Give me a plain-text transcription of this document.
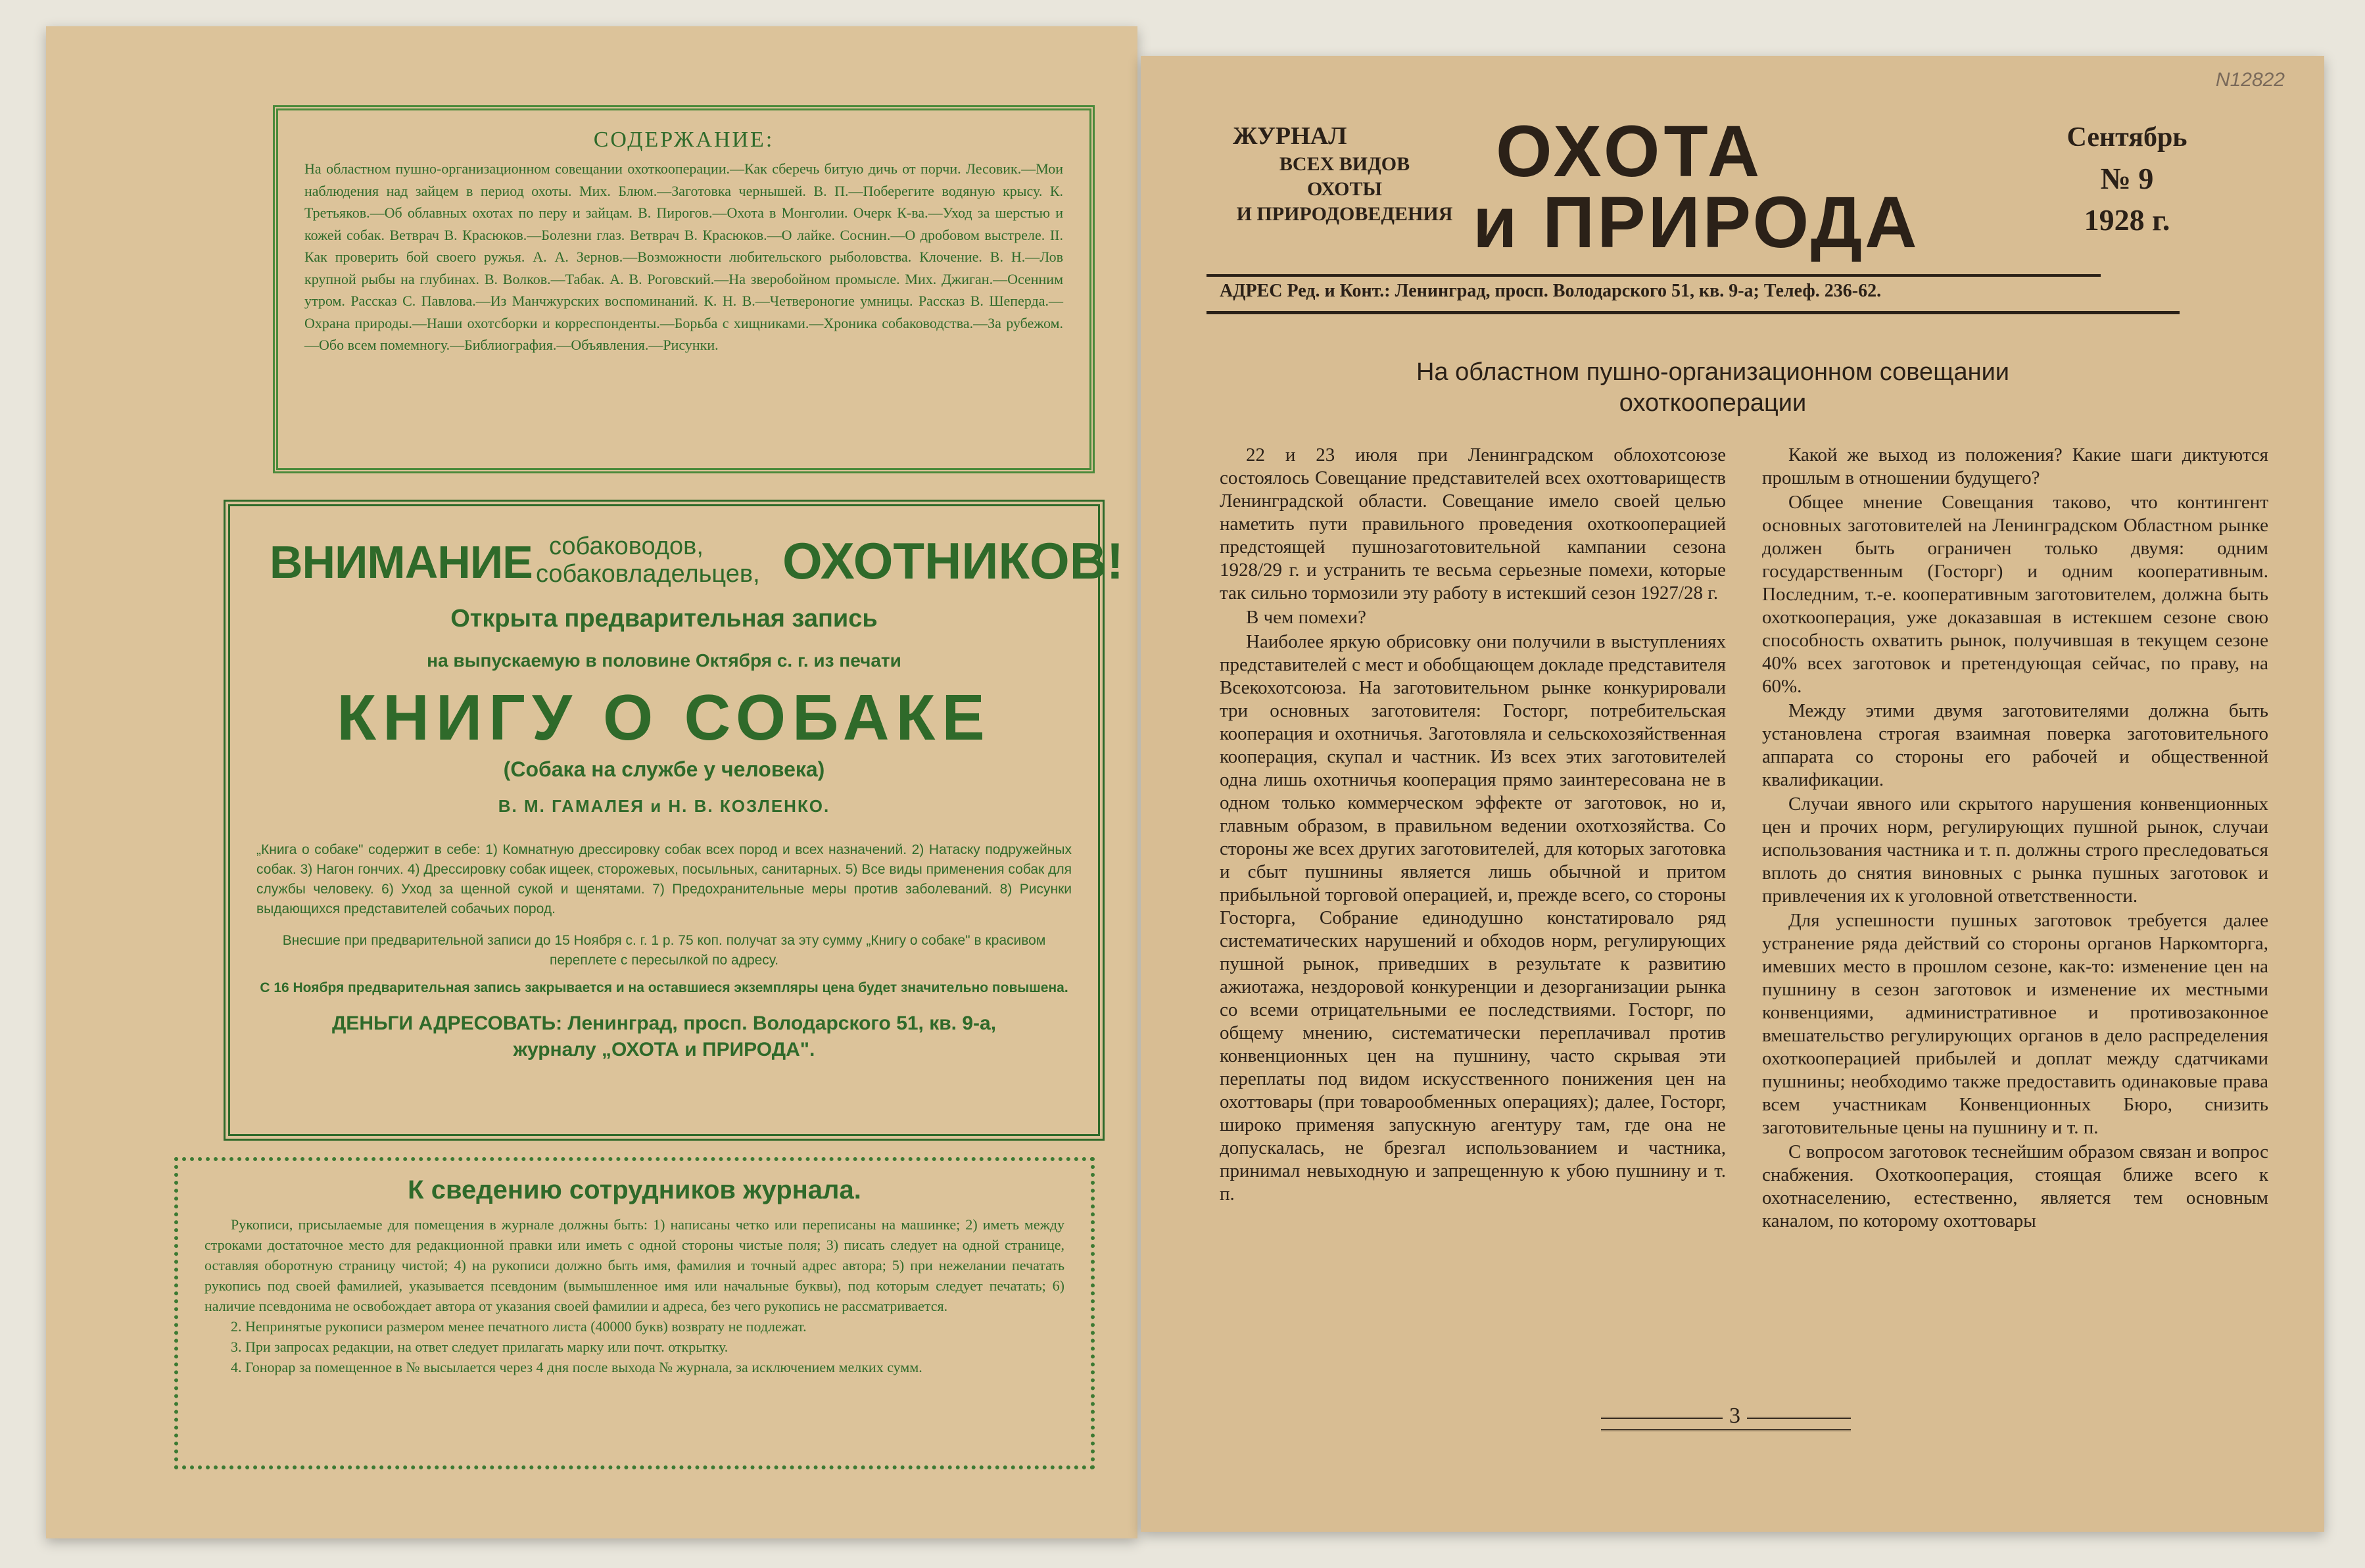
СОДЕРЖАНИЕ:
На областном пушно-организационном совещании охоткооперации.—Как сберечь битую дичь от порчи. Лесовик.—Мои наблюдения над зайцем в период охоты. Мих. Блюм.—Заготовка чернышей. В. П.—Поберегите водяную крысу. К. Третьяков.—Об облавных охотах по перу и зайцам. В. Пирогов.—Охота в Монголии. Очерк К-ва.—Уход за шерстью и кожей собак. Ветврач В. Красюков.—Болезни глаз. Ветврач В. Красюков.—О лайке. Соснин.—О дробовом выстреле. II. Как проверить бой своего ружья. А. А. Зернов.—Возможности любительского рыболовства. Клочение. В. Н.—Лов крупной рыбы на глубинах. В. Волков.—Табак. А. В. Роговский.—На зверобойном промысле. Мих. Джиган.—Осенним утром. Рассказ С. Павлова.—Из Манчжурских воспоминаний. К. Н. В.—Четвероногие умницы. Рассказ В. Шеперда.—Охрана природы.—Наши охотсборки и корреспонденты.—Борьба с хищниками.—Хроника собаководства.—За рубежом.—Обо всем помемногу.—Библиография.—Объявления.—Рисунки.
ВНИМАНИЕ собаководов,
собаковладельцев, ОХОТНИКОВ!
Открыта предварительная запись
на выпускаемую в половине Октября с. г. из печати
КНИГУ О СОБАКЕ
(Собака на службе у человека)
В. М. ГАМАЛЕЯ и Н. В. КОЗЛЕНКО.
„Книга о собаке" содержит в себе: 1) Комнатную дрессировку собак всех пород и всех назначений. 2) Натаску подружейных собак. 3) Нагон гончих. 4) Дрессировку собак ищеек, сторожевых, посыльных, санитарных. 5) Все виды применения собак для службы человеку. 6) Уход за щенной сукой и щенятами. 7) Предохранительные меры против заболеваний. 8) Рисунки выдающихся представителей собачьих пород.
Внесшие при предварительной записи до 15 Ноября с. г. 1 р. 75 коп. получат за эту сумму „Книгу о собаке" в красивом переплете с пересылкой по адресу.
С 16 Ноября предварительная запись закрывается и на оставшиеся экземпляры цена будет значительно повышена.
ДЕНЬГИ АДРЕСОВАТЬ: Ленинград, просп. Володарского 51, кв. 9-а,
журналу „ОХОТА и ПРИРОДА".
К сведению сотрудников журнала.
Рукописи, присылаемые для помещения в журнале должны быть: 1) написаны четко или переписаны на машинке; 2) иметь между строками достаточное место для редакционной правки или иметь с одной стороны чистые поля; 3) писать следует на одной странице, оставляя оборотную страницу чистой; 4) на рукописи должно быть имя, фамилия и точный адрес автора; 5) при нежелании печатать рукопись под своей фамилией, указывается псевдоним (вымышленное имя или начальные буквы), под которым следует печатать; 6) наличие псевдонима не освобождает автора от указания своей фамилии и адреса, без чего рукопись не рассматривается.
2. Непринятые рукописи размером менее печатного листа (40000 букв) возврату не подлежат.
3. При запросах редакции, на ответ следует прилагать марку или почт. открытку.
4. Гонорар за помещенное в № высылается через 4 дня после выхода № журнала, за исключением мелких сумм.
N12822
ЖУРНАЛ
ВСЕХ ВИДОВ
ОХОТЫ
И ПРИРОДОВЕДЕНИЯ
ОХОТА
и ПРИРОДА
Сентябрь
№ 9
1928 г.
АДРЕС Ред. и Конт.: Ленинград, просп. Володарского 51, кв. 9-а; Телеф. 236-62.
На областном пушно-организационном совещании
охоткооперации

22 и 23 июля при Ленинградском облохотсоюзе состоялось Совещание представителей всех охоттовариществ Ленинградской области. Совещание имело своей целью наметить пути правильного проведения охоткооперацией предстоящей пушнозаготовительной кампании сезона 1928/29 г. и устранить те весьма серьезные помехи, которые так сильно тормозили эту работу в истекший сезон 1927/28 г.

В чем помехи?

Наиболее яркую обрисовку они получили в выступлениях представителей с мест и обобщающем докладе представителя Всекохотсоюза. На заготовительном рынке конкурировали три основных заготовителя: Госторг, потребительская кооперация и охотничья. Заготовляла и сельскохозяйственная кооперация, скупал и частник. Из всех этих заготовителей одна лишь охотничья кооперация прямо заинтересована не в одном только коммерческом эффекте от заготовок, но и, главным образом, в правильном ведении охотхозяйства. Со стороны же всех других заготовителей, для которых заготовка и сбыт пушнины является лишь обычной и притом прибыльной торговой операцией, и, прежде всего, со стороны Госторга, Собрание единодушно констатировало ряд систематических нарушений и обходов норм, регулирующих пушной рынок, приведших в результате к развитию ажиотажа, нездоровой конкуренции и дезорганизации рынка со всеми отрицательными ее последствиями. Госторг, по общему мнению, систематически переплачивал против конвенционных цен на пушнину, часто скрывая эти переплаты под видом искусственного понижения цен на охоттовары (при товарообменных операциях); далее, Госторг, широко применяя запускную агентуру там, где она не допускалась, не брезгал использованием и частника, принимал невыходную и запрещенную к убою пушнину и т. п.

Какой же выход из положения? Какие шаги диктуются прошлым в отношении будущего?

Общее мнение Совещания таково, что контингент основных заготовителей на Ленинградском Областном рынке должен быть ограничен только двумя: одним государственным (Госторг) и одним кооперативным. Последним, т.-е. кооперативным заготовителем, должна быть охоткооперация, уже доказавшая в истекшем сезоне свою способность охватить рынок, получившая в текущем сезоне 40% всех заготовок и претендующая сейчас, по праву, на 60%.

Между этими двумя заготовителями должна быть установлена строгая взаимная поверка заготовительного аппарата со стороны его рабочей и общественной квалификации.

Случаи явного или скрытого нарушения конвенционных цен и прочих норм, регулирующих пушной рынок, случаи использования частника и т. п. должны строго преследоваться вплоть до снятия виновных с рынка пушных заготовок и привлечения их к уголовной ответственности.

Для успешности пушных заготовок требуется далее устранение ряда действий со стороны органов Наркомторга, имевших место в прошлом сезоне, как-то: изменение цен на пушнину в сезон заготовок и изменение их местными конвенциями, административное и противозаконное вмешательство регулирующих органов в дело распределения охоткооперацией прибылей и доплат между сдатчиками пушнины; необходимо также предоставить одинаковые права всем участникам Конвенционных Бюро, снизить заготовительные цены на пушнину и т. п.

С вопросом заготовок теснейшим образом связан и вопрос снабжения. Охоткооперация, стоящая ближе всего к охотнаселению, естественно, является тем основным каналом, по которому охоттовары

3
